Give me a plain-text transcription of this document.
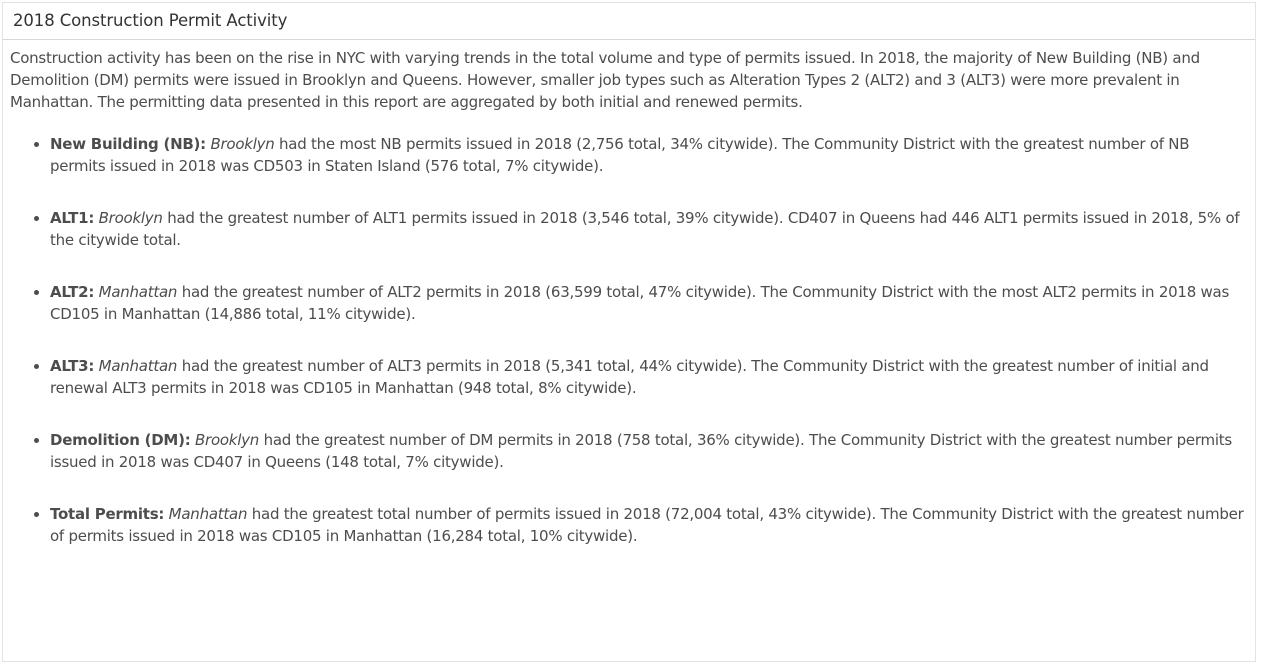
2018 Construction Permit Activity

Construction activity has been on the rise in NYC with varying trends in the total volume and type of permits issued. In 2018, the majority of New Building (NB) and Demolition (DM) permits were issued in Brooklyn and Queens. However, smaller job types such as Alteration Types 2 (ALT2) and 3 (ALT3) were more prevalent in Manhattan. The permitting data presented in this report are aggregated by both initial and renewed permits.

• New Building (NB): Brooklyn had the most NB permits issued in 2018 (2,756 total, 34% citywide). The Community District with the greatest number of NB permits issued in 2018 was CD503 in Staten Island (576 total, 7% citywide).
• ALT1: Brooklyn had the greatest number of ALT1 permits issued in 2018 (3,546 total, 39% citywide). CD407 in Queens had 446 ALT1 permits issued in 2018, 5% of the citywide total.
• ALT2: Manhattan had the greatest number of ALT2 permits in 2018 (63,599 total, 47% citywide). The Community District with the most ALT2 permits in 2018 was CD105 in Manhattan (14,886 total, 11% citywide).
• ALT3: Manhattan had the greatest number of ALT3 permits in 2018 (5,341 total, 44% citywide). The Community District with the greatest number of initial and renewal ALT3 permits in 2018 was CD105 in Manhattan (948 total, 8% citywide).
• Demolition (DM): Brooklyn had the greatest number of DM permits in 2018 (758 total, 36% citywide). The Community District with the greatest number permits issued in 2018 was CD407 in Queens (148 total, 7% citywide).
• Total Permits: Manhattan had the greatest total number of permits issued in 2018 (72,004 total, 43% citywide). The Community District with the greatest number of permits issued in 2018 was CD105 in Manhattan (16,284 total, 10% citywide).
